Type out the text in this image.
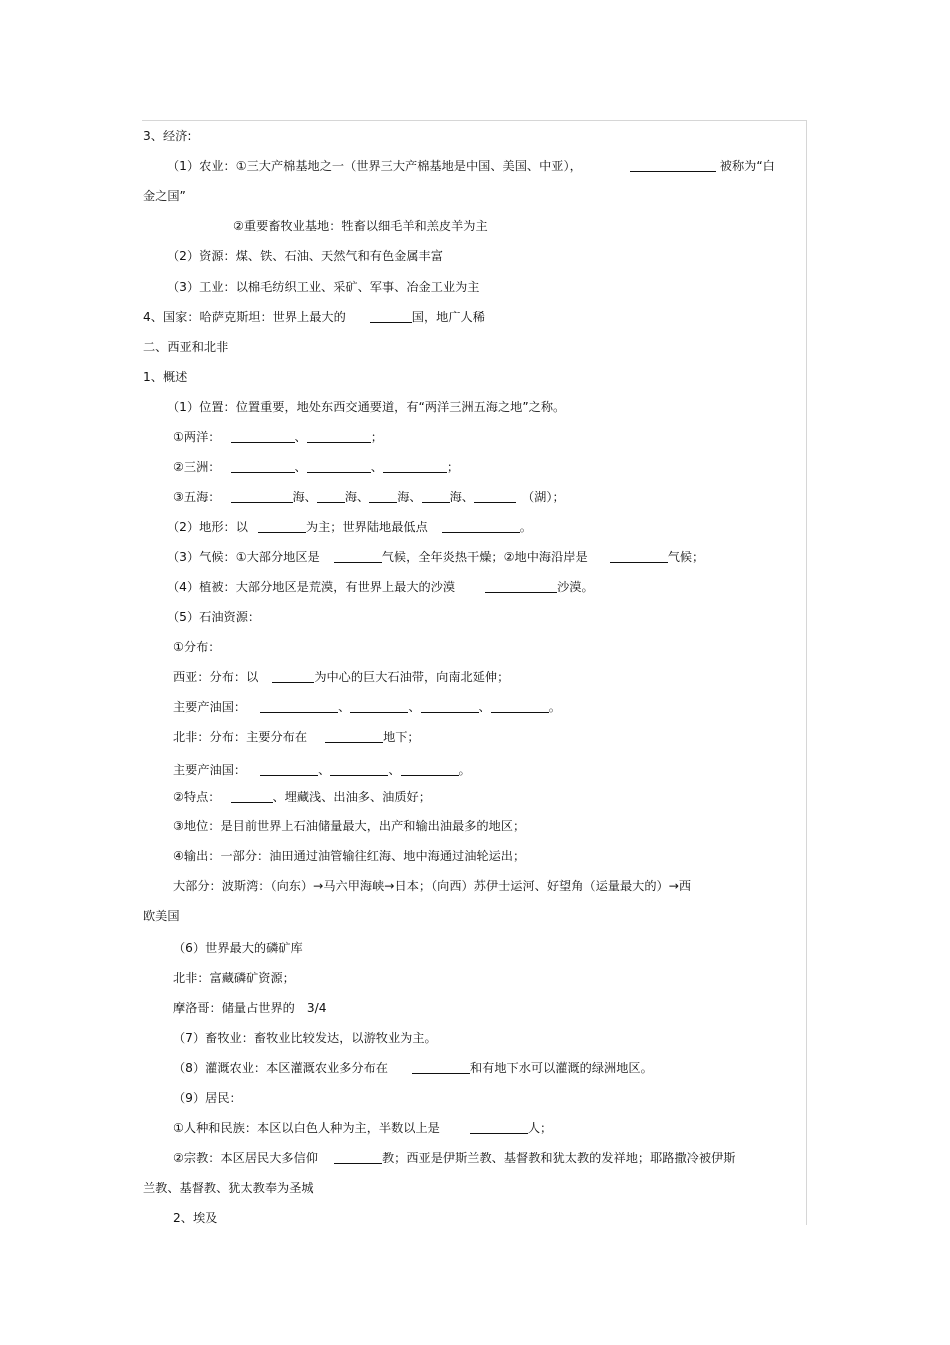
3、经济:
（1）农业：①三大产棉基地之一（世界三大产棉基地是中国、美国、中亚），	被称为“白
金之国”
②重要畜牧业基地：牲畜以细毛羊和羔皮羊为主
（2）资源：煤、铁、石油、天然气和有色金属丰富
（3）工业：以棉毛纺织工业、采矿、军事、冶金工业为主
4、国家：哈萨克斯坦：世界上最大的	国，地广人稀
二、西亚和北非
1、概述
（1）位置：位置重要，地处东西交通要道，有“两洋三洲五海之地”之称。
①两洋：	、	；
②三洲：	、	、	；
③五海：	海、 海、 海、 海、	（湖）；
（2）地形：以	为主；世界陆地最低点	。
（3）气候：①大部分地区是	气候，全年炎热干燥；②地中海沿岸是	气候；
（4）植被：大部分地区是荒漠，有世界上最大的沙漠	沙漠。
（5）石油资源：
①分布：
西亚：分布：以	为中心的巨大石油带，向南北延伸；
主要产油国：	、	、	、	。
北非：分布：主要分布在	地下；
主要产油国：	、	、	。
②特点：	、埋藏浅、出油多、油质好；
③地位：是目前世界上石油储量最大，出产和输出油最多的地区；
④输出：一部分：油田通过油管输往红海、地中海通过油轮运出；
大部分：波斯湾：（向东）→马六甲海峡→日本；（向西）苏伊士运河、好望角（运量最大的）→西
欧美国
（6）世界最大的磷矿库
北非：富藏磷矿资源；
摩洛哥：储量占世界的 3/4
（7）畜牧业：畜牧业比较发达，以游牧业为主。
（8）灌溉农业：本区灌溉农业多分布在	和有地下水可以灌溉的绿洲地区。
（9）居民：
①人种和民族：本区以白色人种为主，半数以上是	人；
②宗教：本区居民大多信仰	教；西亚是伊斯兰教、基督教和犹太教的发祥地；耶路撒冷被伊斯
兰教、基督教、犹太教奉为圣城
2、埃及
